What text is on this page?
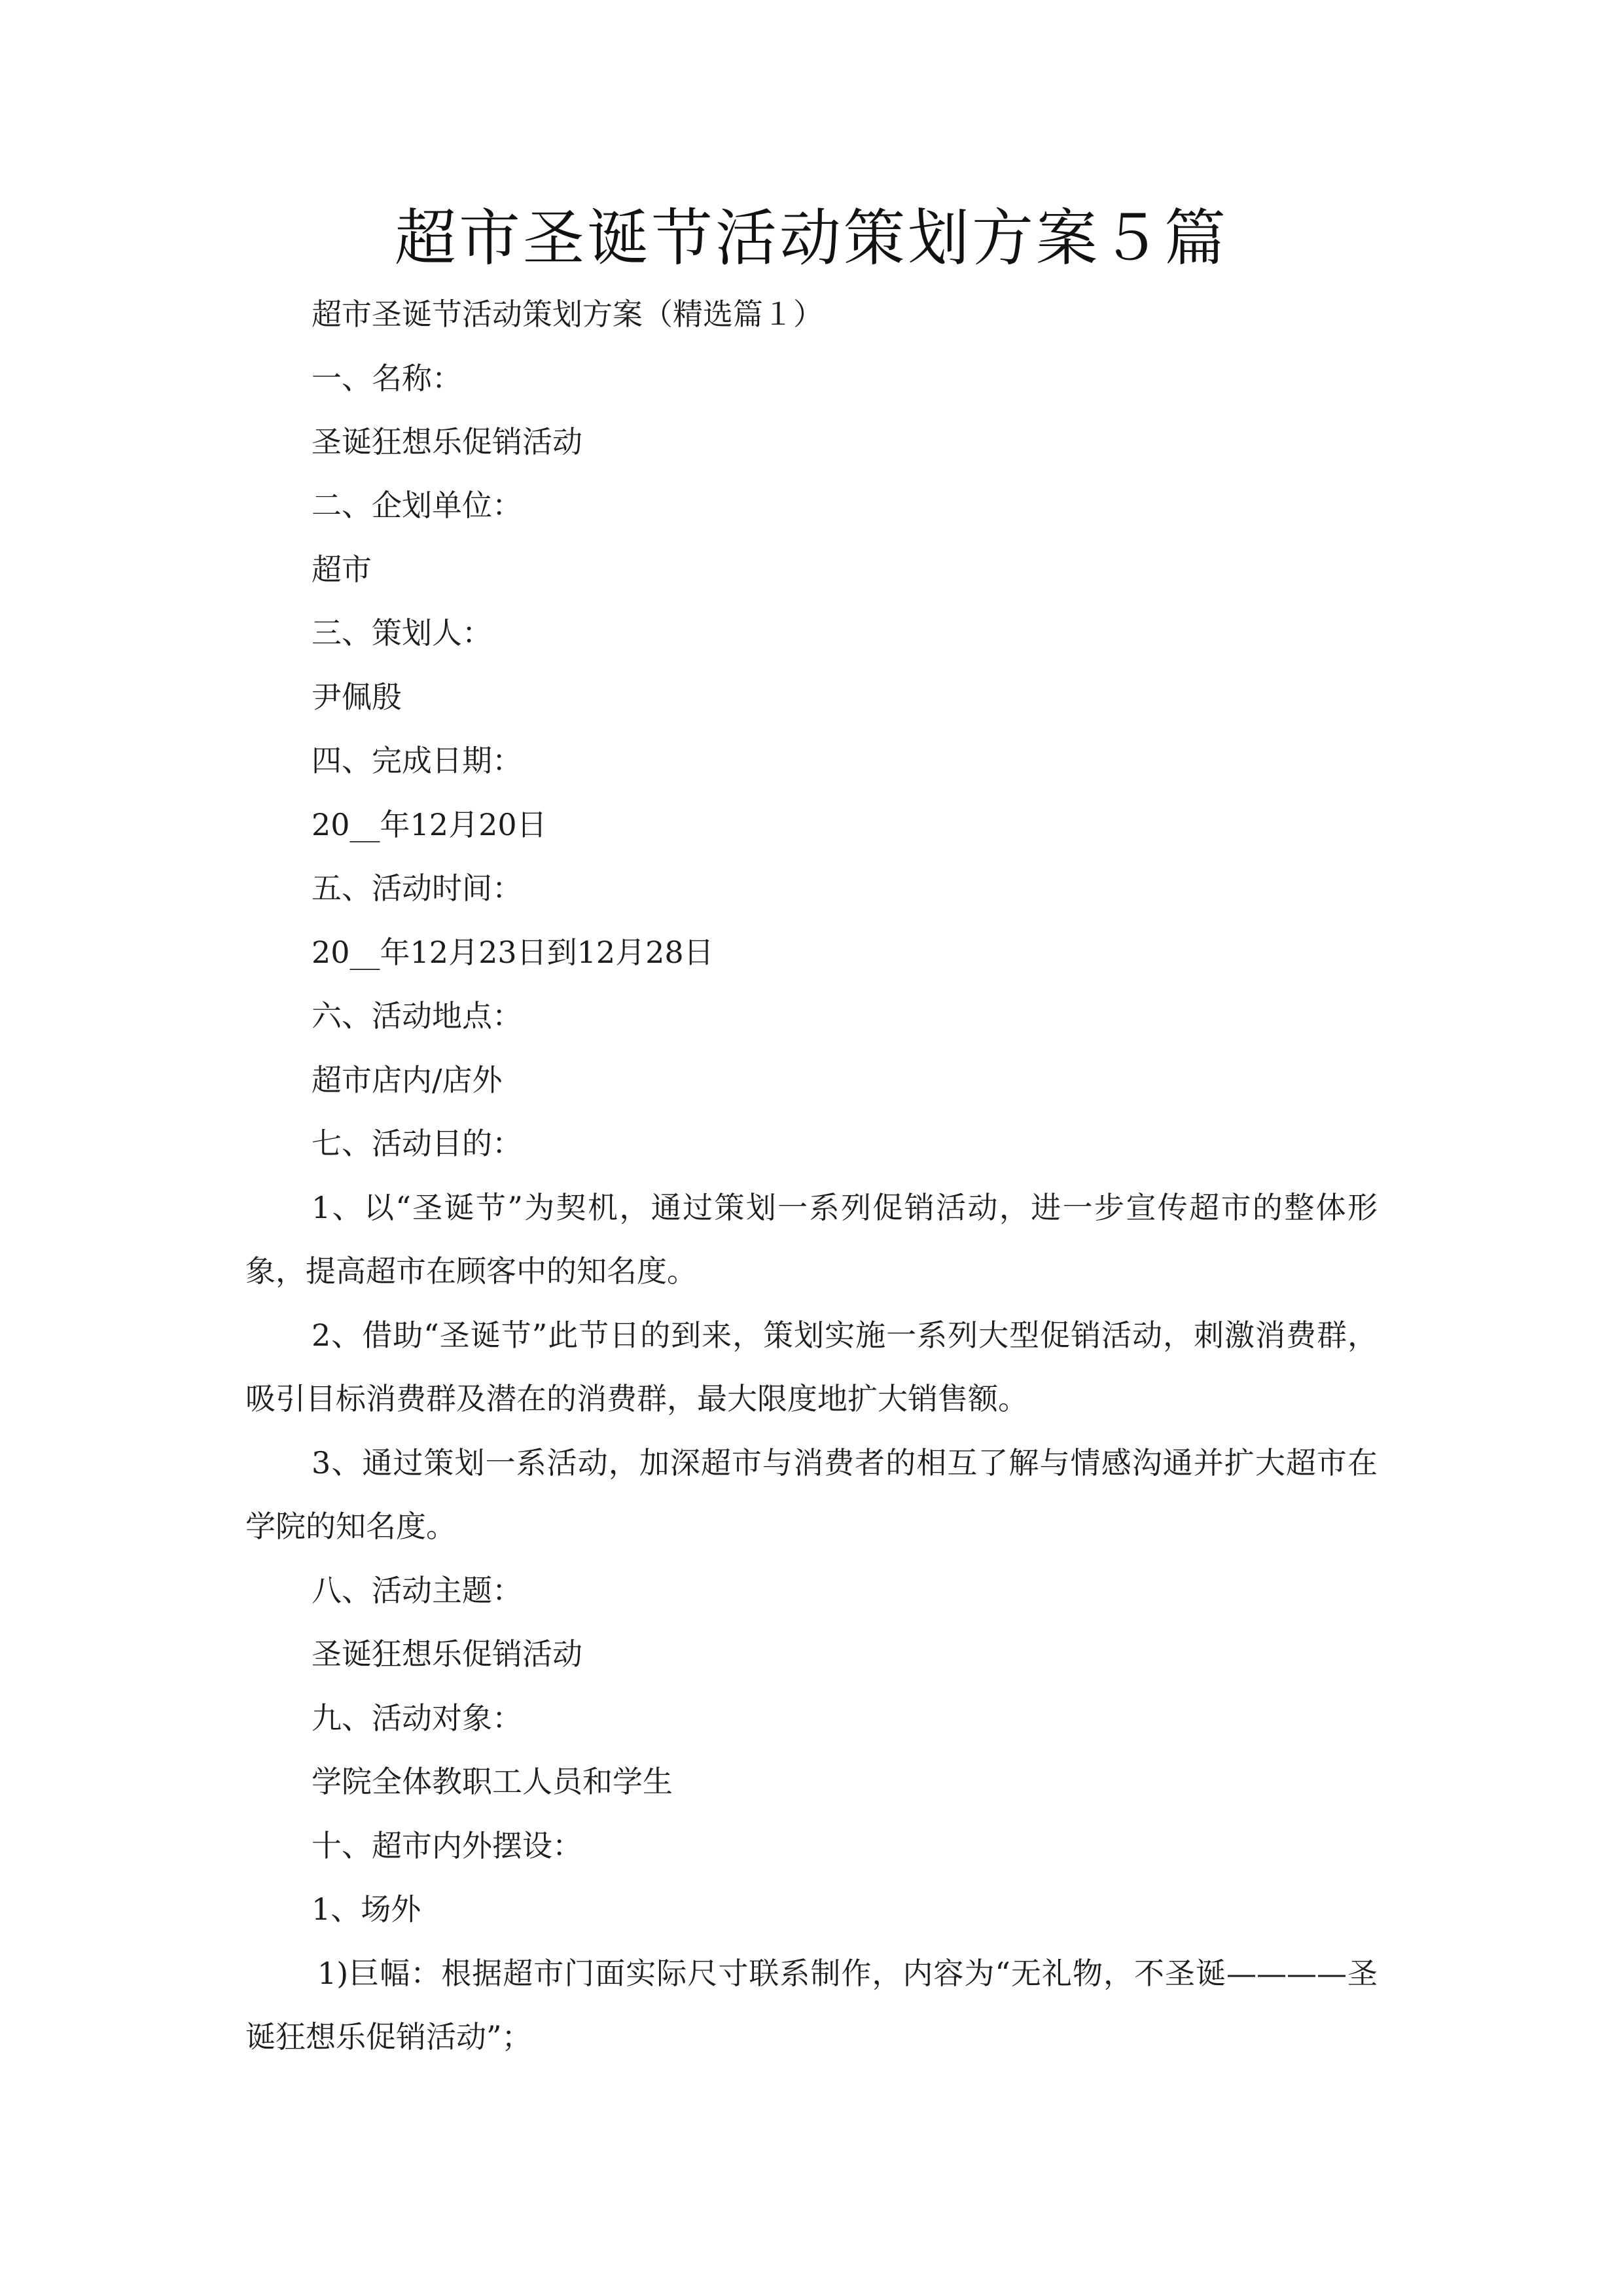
超市圣诞节活动策划方案５篇
超市圣诞节活动策划方案（精选篇１）
一、名称：
圣诞狂想乐促销活动
二、企划单位：
超市
三、策划人：
尹佩殷
四、完成日期：
20__年12月20日
五、活动时间：
20__年12月23日到12月28日
六、活动地点：
超市店内/店外
七、活动目的：
1、以“圣诞节”为契机，通过策划一系列促销活动，进一步宣传超市的整体形象，提高超市在顾客中的知名度。
2、借助“圣诞节”此节日的到来，策划实施一系列大型促销活动，刺激消费群，吸引目标消费群及潜在的消费群，最大限度地扩大销售额。
3、通过策划一系活动，加深超市与消费者的相互了解与情感沟通并扩大超市在学院的知名度。
八、活动主题：
圣诞狂想乐促销活动
九、活动对象：
学院全体教职工人员和学生
十、超市内外摆设：
1、场外
1)巨幅：根据超市门面实际尺寸联系制作，内容为“无礼物，不圣诞————圣诞狂想乐促销活动”；
